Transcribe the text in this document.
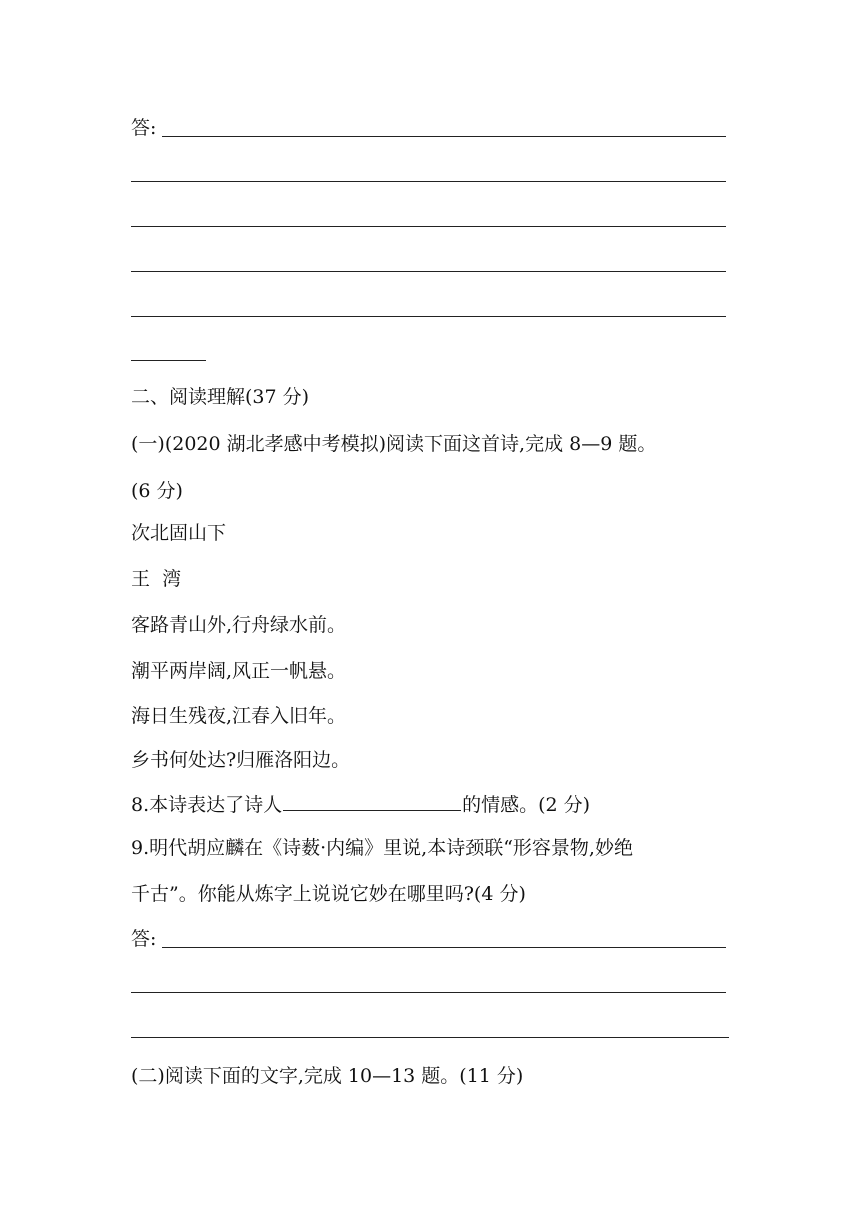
答:
二、阅读理解(37 分)
(一)(2020 湖北孝感中考模拟)阅读下面这首诗,完成 8—9 题。
(6 分)
次北固山下
王  湾
客路青山外,行舟绿水前。
潮平两岸阔,风正一帆悬。
海日生残夜,江春入旧年。
乡书何处达?归雁洛阳边。
8.本诗表达了诗人	的情感。(2 分)
9.明代胡应麟在《诗薮·内编》里说,本诗颈联“形容景物,妙绝
千古”。你能从炼字上说说它妙在哪里吗?(4 分)
答:
(二)阅读下面的文字,完成 10—13 题。(11 分)
